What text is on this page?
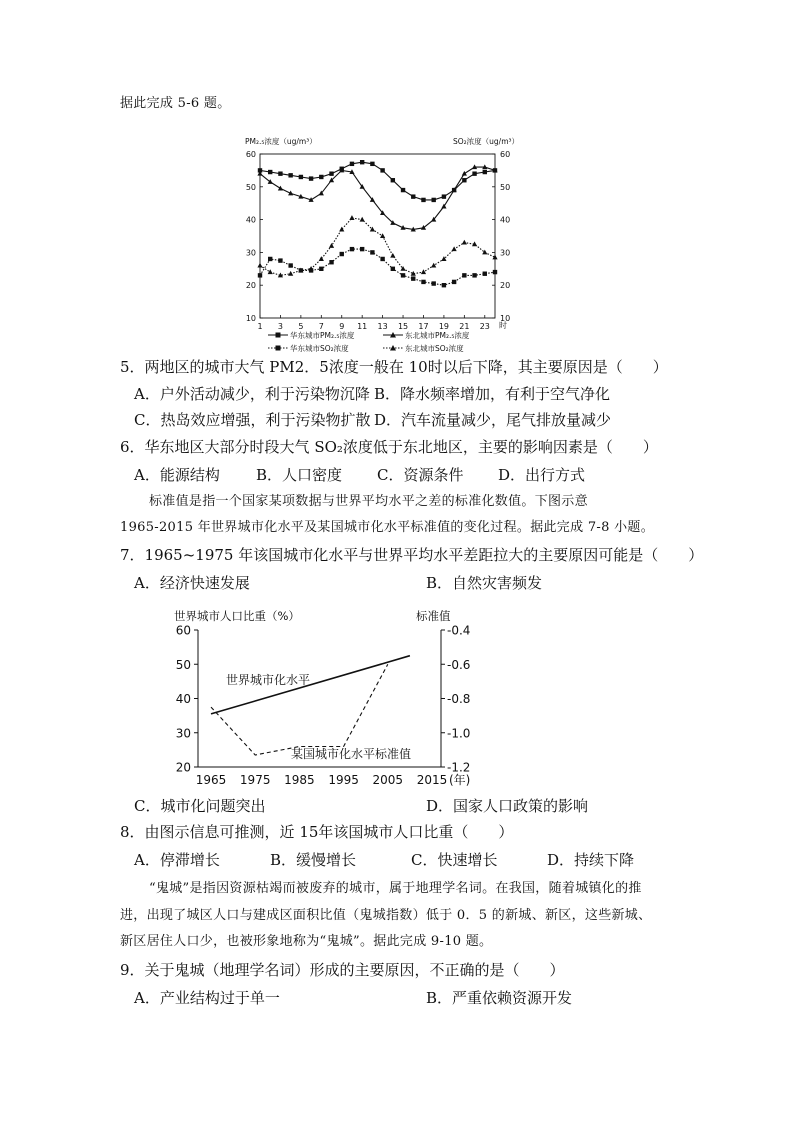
据此完成 5-6 题。
PM₂.₅浓度（ug/m³）	SO₂浓度（ug/m³）
60	60
50	50
40	40
30	30
20	20
10	10
1 3 5 7 9 11 13 15 17 19 21 23 时
华东城市PM₂.₅浓度	东北城市PM₂.₅浓度
华东城市SO₂浓度	东北城市SO₂浓度
5．两地区的城市大气 PM2．5浓度一般在 10时以后下降，其主要原因是（　　）
A．户外活动减少，利于污染物沉降 B．降水频率增加，有利于空气净化
C．热岛效应增强，利于污染物扩散 D．汽车流量减少，尾气排放量减少
6．华东地区大部分时段大气 SO₂浓度低于东北地区，主要的影响因素是（　　）
A．能源结构 B．人口密度 C．资源条件 D．出行方式
标准值是指一个国家某项数据与世界平均水平之差的标准化数值。下图示意
1965-2015 年世界城市化水平及某国城市化水平标准值的变化过程。据此完成 7-8 小题。
7．1965~1975 年该国城市化水平与世界平均水平差距拉大的主要原因可能是（　　）
A．经济快速发展	B．自然灾害频发
世界城市人口比重（%）	标准值
60
50
40
30
20
-0.4
-0.6
-0.8
-1.0
-1.2
1965 1975 1985 1995 2005 2015
世界城市化水平
某国城市化水平标准值
(年)
C．城市化问题突出	D．国家人口政策的影响
8．由图示信息可推测，近 15年该国城市人口比重（　　）
A．停滞增长	B．缓慢增长	C．快速增长	D．持续下降
“鬼城”是指因资源枯竭而被废弃的城市，属于地理学名词。在我国，随着城镇化的推
进，出现了城区人口与建成区面积比值（鬼城指数）低于 0．5 的新城、新区，这些新城、
新区居住人口少，也被形象地称为“鬼城”。据此完成 9-10 题。
9．关于鬼城（地理学名词）形成的主要原因，不正确的是（　　）
A．产业结构过于单一	B．严重依赖资源开发
